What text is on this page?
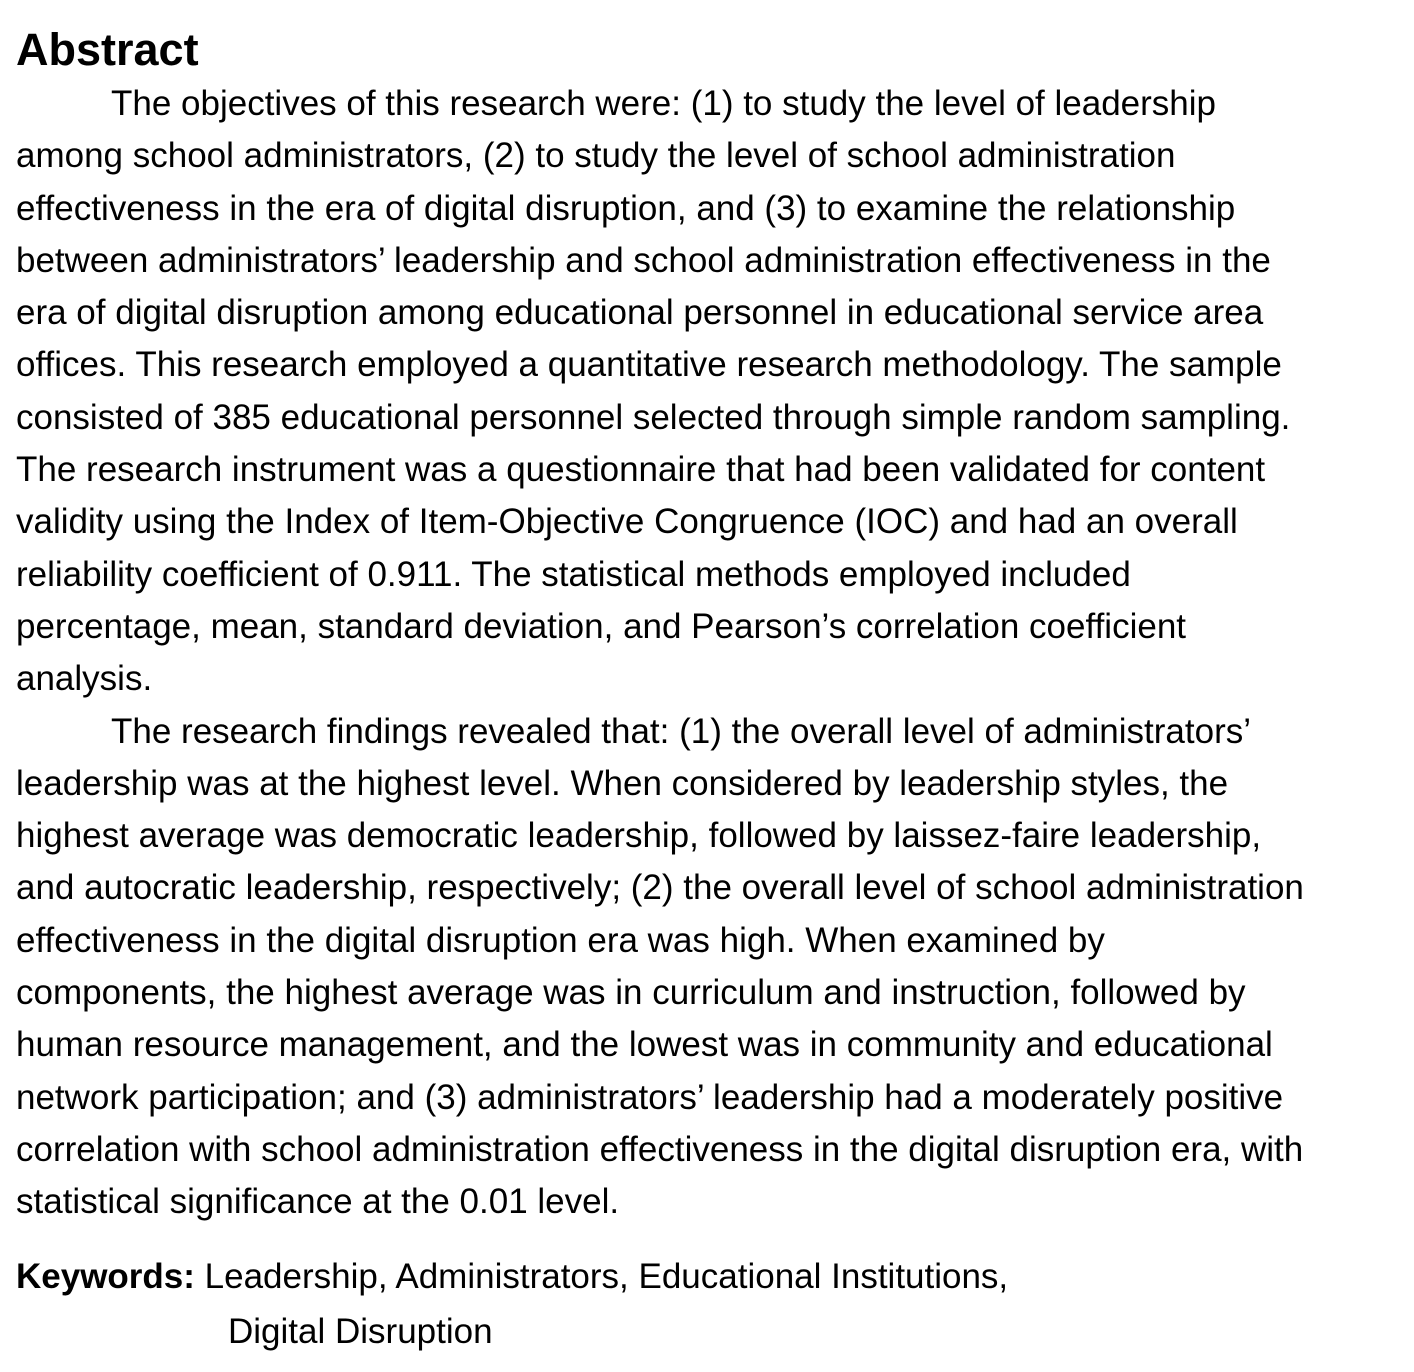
Abstract
The objectives of this research were: (1) to study the level of leadership
among school administrators, (2) to study the level of school administration
effectiveness in the era of digital disruption, and (3) to examine the relationship
between administrators’ leadership and school administration effectiveness in the
era of digital disruption among educational personnel in educational service area
offices. This research employed a quantitative research methodology. The sample
consisted of 385 educational personnel selected through simple random sampling.
The research instrument was a questionnaire that had been validated for content
validity using the Index of Item-Objective Congruence (IOC) and had an overall
reliability coefficient of 0.911. The statistical methods employed included
percentage, mean, standard deviation, and Pearson’s correlation coefficient
analysis.
The research findings revealed that: (1) the overall level of administrators’
leadership was at the highest level. When considered by leadership styles, the
highest average was democratic leadership, followed by laissez-faire leadership,
and autocratic leadership, respectively; (2) the overall level of school administration
effectiveness in the digital disruption era was high. When examined by
components, the highest average was in curriculum and instruction, followed by
human resource management, and the lowest was in community and educational
network participation; and (3) administrators’ leadership had a moderately positive
correlation with school administration effectiveness in the digital disruption era, with
statistical significance at the 0.01 level.
Keywords: Leadership, Administrators, Educational Institutions,
Digital Disruption
